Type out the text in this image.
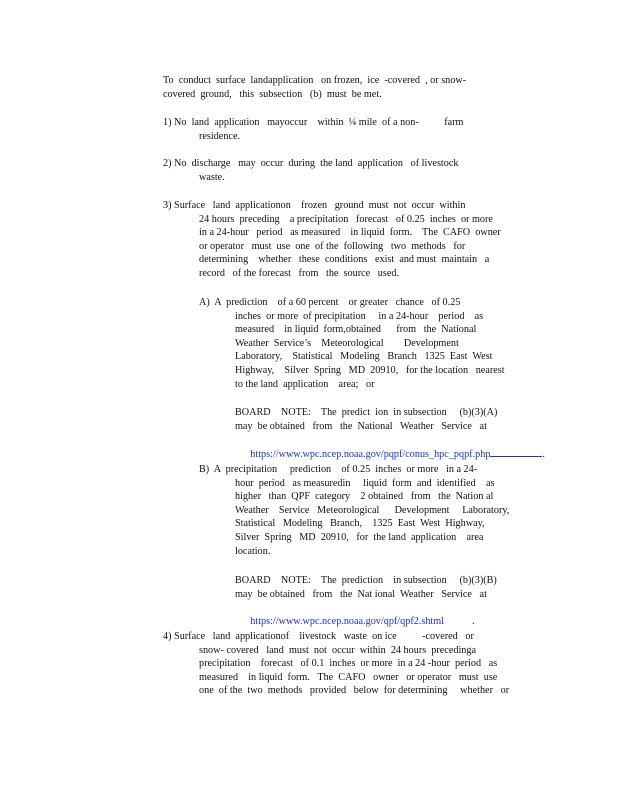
To  conduct  surface  landapplication   on frozen,  ice  -covered  , or snow-

covered  ground,   this  subsection   (b)  must  be met.

1) No  land  application   mayoccur    within  ¼ mile  of a non-          farm

residence.

2) No  discharge   may  occur  during  the land  application   of livestock

waste.

3) Surface   land  applicationon    frozen   ground  must  not  occur  within

24 hours  preceding    a precipitation   forecast   of 0.25  inches  or more

in a 24-hour   period   as measured    in liquid  form.    The  CAFO  owner

or operator   must  use  one  of the  following   two  methods   for

determining    whether   these  conditions   exist  and must  maintain   a

record   of the forecast   from   the  source   used.

A)  A  prediction    of a 60 percent    or greater   chance   of 0.25

inches  or more  of precipitation     in a 24-hour    period    as

measured    in liquid  form,obtained      from   the  National

Weather  Service’s    Meteorological        Development

Laboratory,    Statistical   Modeling   Branch   1325  East  West

Highway,    Silver  Spring   MD  20910,   for the location   nearest

to the land  application    area;   or

BOARD    NOTE:    The  predict  ion  in subsection     (b)(3)(A)

may  be obtained   from   the  National   Weather   Service   at

https://www.wpc.ncep.noaa.gov/pqpf/conus_hpc_pqpf.php	.

B)  A  precipitation     prediction    of 0.25  inches  or more   in a 24-

hour  period   as measuredin     liquid  form  and  identified    as

higher   than  QPF  category    2 obtained   from   the  Nation al

Weather    Service   Meteorological      Development     Laboratory,

Statistical   Modeling   Branch,    1325  East  West  Highway,

Silver  Spring   MD  20910,   for  the land  application    area

location.

BOARD    NOTE:    The  prediction    in subsection     (b)(3)(B)

may  be obtained   from   the  Nat ional  Weather   Service   at

https://www.wpc.ncep.noaa.gov/qpf/qpf2.shtml	.

4) Surface   land  applicationof    livestock   waste  on ice          -covered   or

snow- covered   land  must  not  occur  within  24 hours  precedinga

precipitation    forecast   of 0.1  inches  or more  in a 24 -hour  period   as

measured    in liquid  form.   The  CAFO   owner   or operator   must  use

one  of the  two  methods   provided   below  for determining     whether   or
